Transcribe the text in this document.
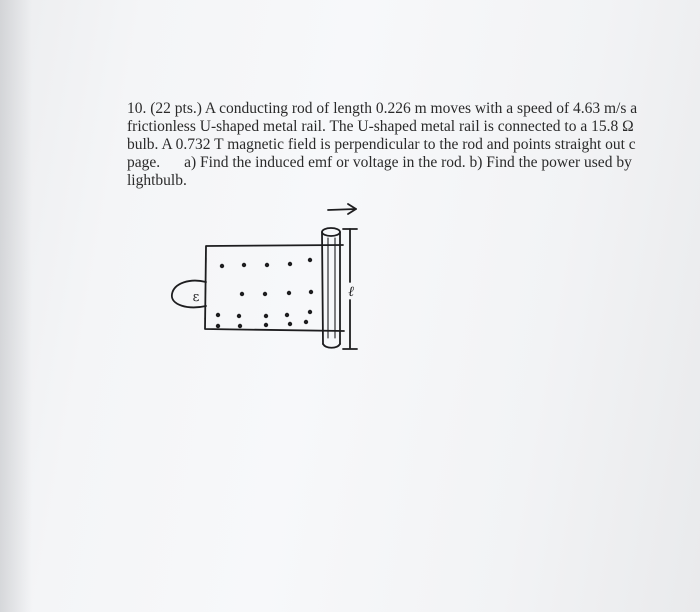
10. (22 pts.) A conducting rod of length 0.226 m moves with a speed of 4.63 m/s a
frictionless U-shaped metal rail. The U-shaped metal rail is connected to a 15.8 Ω
bulb. A 0.732 T magnetic field is perpendicular to the rod and points straight out c
page. a) Find the induced emf or voltage in the rod. b) Find the power used by
lightbulb.
ε	ℓ
